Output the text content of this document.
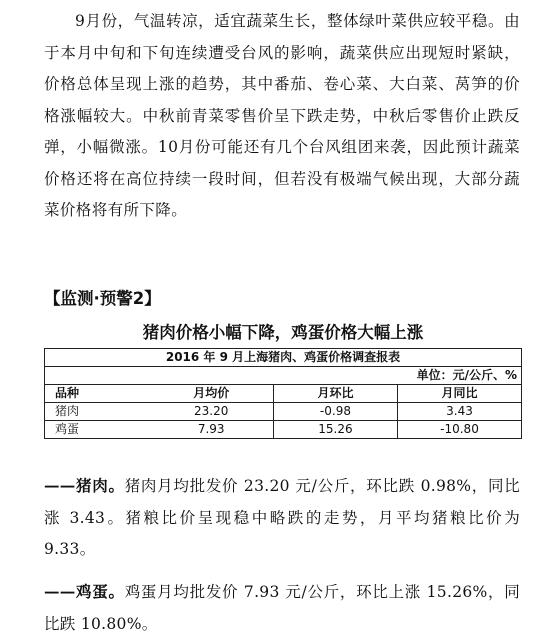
9月份，气温转凉，适宜蔬菜生长，整体绿叶菜供应较平稳。由于本月中旬和下旬连续遭受台风的影响，蔬菜供应出现短时紧缺，价格总体呈现上涨的趋势，其中番茄、卷心菜、大白菜、莴笋的价格涨幅较大。中秋前青菜零售价呈下跌走势，中秋后零售价止跌反弹，小幅微涨。10月份可能还有几个台风组团来袭，因此预计蔬菜价格还将在高位持续一段时间，但若没有极端气候出现，大部分蔬菜价格将有所下降。

【监测·预警2】

猪肉价格小幅下降，鸡蛋价格大幅上涨

2016 年 9 月上海猪肉、鸡蛋价格调查报表			
单位：元/公斤、%			
品种	月均价	月环比	月同比
猪肉	23.20	-0.98	3.43
鸡蛋	7.93	15.26	-10.80

——猪肉。猪肉月均批发价 23.20 元/公斤，环比跌 0.98%，同比涨 3.43。猪粮比价呈现稳中略跌的走势，月平均猪粮比价为 9.33。

——鸡蛋。鸡蛋月均批发价 7.93 元/公斤，环比上涨 15.26%，同比跌 10.80%。
